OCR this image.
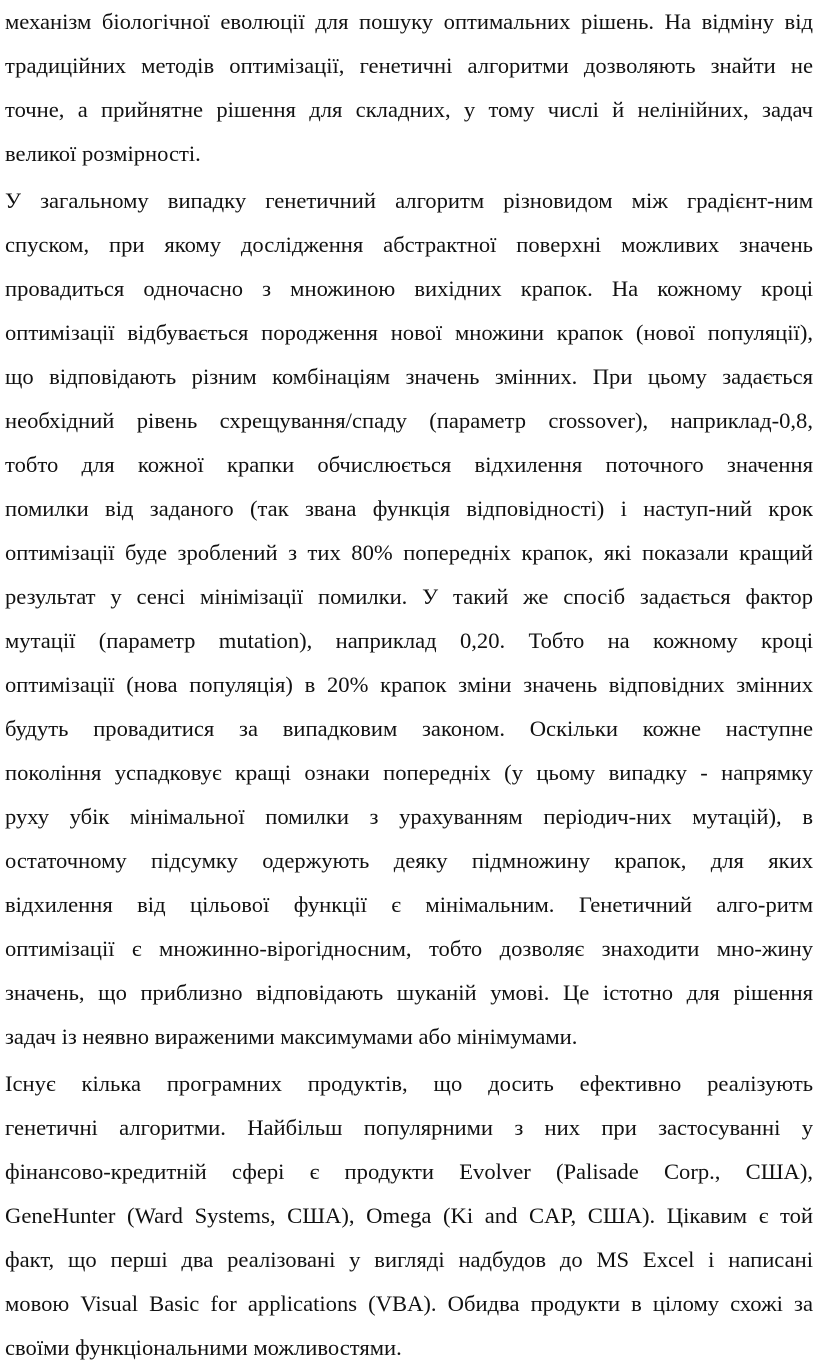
механізм біологічної еволюції для пошуку оптимальних рішень. На відміну від
традиційних методів оптимізації, генетичні алгоритми дозволяють знайти не
точне, а прийнятне рішення для складних, у тому числі й нелінійних, задач
великої розмірності.

У загальному випадку генетичний алгоритм різновидом між градієнт-ним
спуском, при якому дослідження абстрактної поверхні можливих значень
провадиться одночасно з множиною вихідних крапок. На кожному кроці
оптимізації відбувається породження нової множини крапок (нової популяції),
що відповідають різним комбінаціям значень змінних. При цьому задається
необхідний рівень схрещування/спаду (параметр crossover), наприклад-0,8,
тобто для кожної крапки обчислюється відхилення поточного значення
помилки від заданого (так звана функція відповідності) і наступ-ний крок
оптимізації буде зроблений з тих 80% попередніх крапок, які показали кращий
результат у сенсі мінімізації помилки. У такий же спосіб задається фактор
мутації (параметр mutation), наприклад 0,20. Тобто на кожному кроці
оптимізації (нова популяція) в 20% крапок зміни значень відповідних змінних
будуть провадитися за випадковим законом. Оскільки кожне наступне
покоління успадковує кращі ознаки попередніх (у цьому випадку - напрямку
руху убік мінімальної помилки з урахуванням періодич-них мутацій), в
остаточному підсумку одержують деяку підмножину крапок, для яких
відхилення від цільової функції є мінімальним. Генетичний алго-ритм
оптимізації є множинно-вірогідносним, тобто дозволяє знаходити мно-жину
значень, що приблизно відповідають шуканій умові. Це істотно для рішення
задач із неявно вираженими максимумами або мінімумами.

Існує кілька програмних продуктів, що досить ефективно реалізують
генетичні алгоритми. Найбільш популярними з них при застосуванні у
фінансово-кредитній сфері є продукти Evolver (Palisade Corp., США),
GeneHunter (Ward Systems, США), Omega (Ki and CAP, США). Цікавим є той
факт, що перші два реалізовані у вигляді надбудов до MS Excel і написані
мовою Visual Basic for applications (VBA). Обидва продукти в цілому схожі за
своїми функціональними можливостями.
